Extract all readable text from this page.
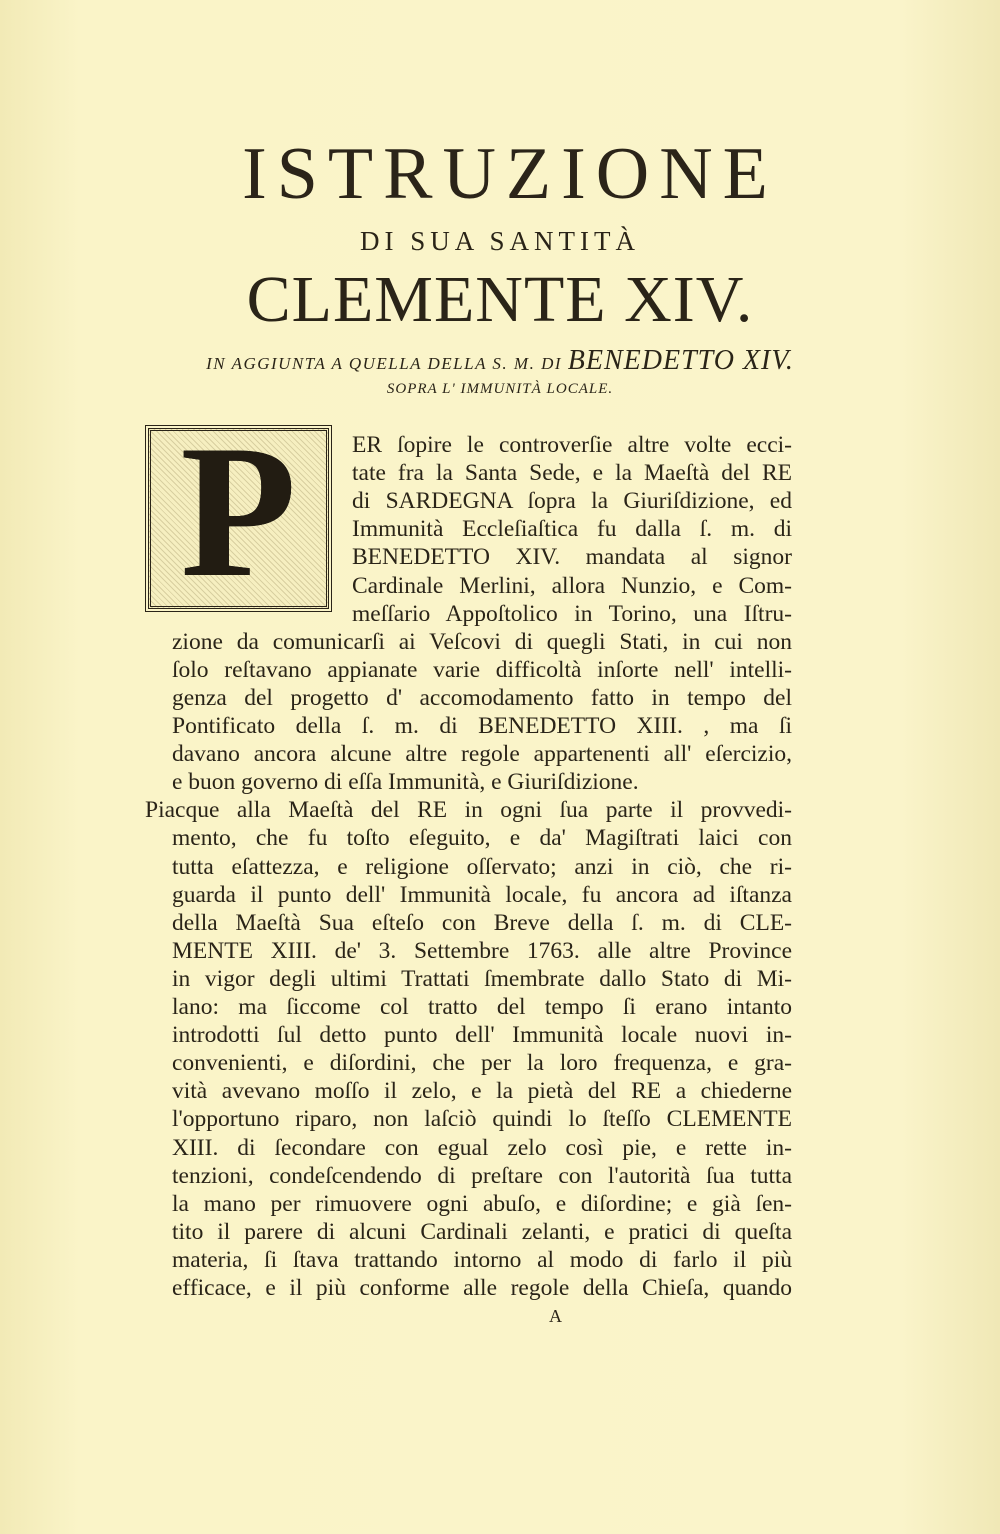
ISTRUZIONE
DI SUA SANTITÀ
CLEMENTE XIV.
IN AGGIUNTA A QUELLA DELLA S. M. DI BENEDETTO XIV.
SOPRA L' IMMUNITÀ LOCALE.
P	ER ſopire le controverſie altre volte ecci-
tate fra la Santa Sede, e la Maeſtà del RE
di SARDEGNA ſopra la Giuriſdizione, ed
Immunità Eccleſiaſtica fu dalla ſ. m. di
BENEDETTO XIV. mandata al signor
Cardinale Merlini, allora Nunzio, e Com-
meſſario Appoſtolico in Torino, una Iſtru-
zione da comunicarſi ai Veſcovi di quegli Stati, in cui non
ſolo reſtavano appianate varie difficoltà inſorte nell' intelli-
genza del progetto d' accomodamento fatto in tempo del
Pontificato della ſ. m. di BENEDETTO XIII. , ma ſi
davano ancora alcune altre regole appartenenti all' eſercizio,
e buon governo di eſſa Immunità, e Giuriſdizione.
Piacque alla Maeſtà del RE in ogni ſua parte il provvedi-
mento, che fu toſto eſeguito, e da' Magiſtrati laici con
tutta eſattezza, e religione oſſervato; anzi in ciò, che ri-
guarda il punto dell' Immunità locale, fu ancora ad iſtanza
della Maeſtà Sua eſteſo con Breve della ſ. m. di CLE-
MENTE XIII. de' 3. Settembre 1763. alle altre Province
in vigor degli ultimi Trattati ſmembrate dallo Stato di Mi-
lano: ma ſiccome col tratto del tempo ſi erano intanto
introdotti ſul detto punto dell' Immunità locale nuovi in-
convenienti, e diſordini, che per la loro frequenza, e gra-
vità avevano moſſo il zelo, e la pietà del RE a chiederne
l'opportuno riparo, non laſciò quindi lo ſteſſo CLEMENTE
XIII. di ſecondare con egual zelo così pie, e rette in-
tenzioni, condeſcendendo di preſtare con l'autorità ſua tutta
la mano per rimuovere ogni abuſo, e diſordine; e già ſen-
tito il parere di alcuni Cardinali zelanti, e pratici di queſta
materia, ſi ſtava trattando intorno al modo di farlo il più
efficace, e il più conforme alle regole della Chieſa, quando
A
